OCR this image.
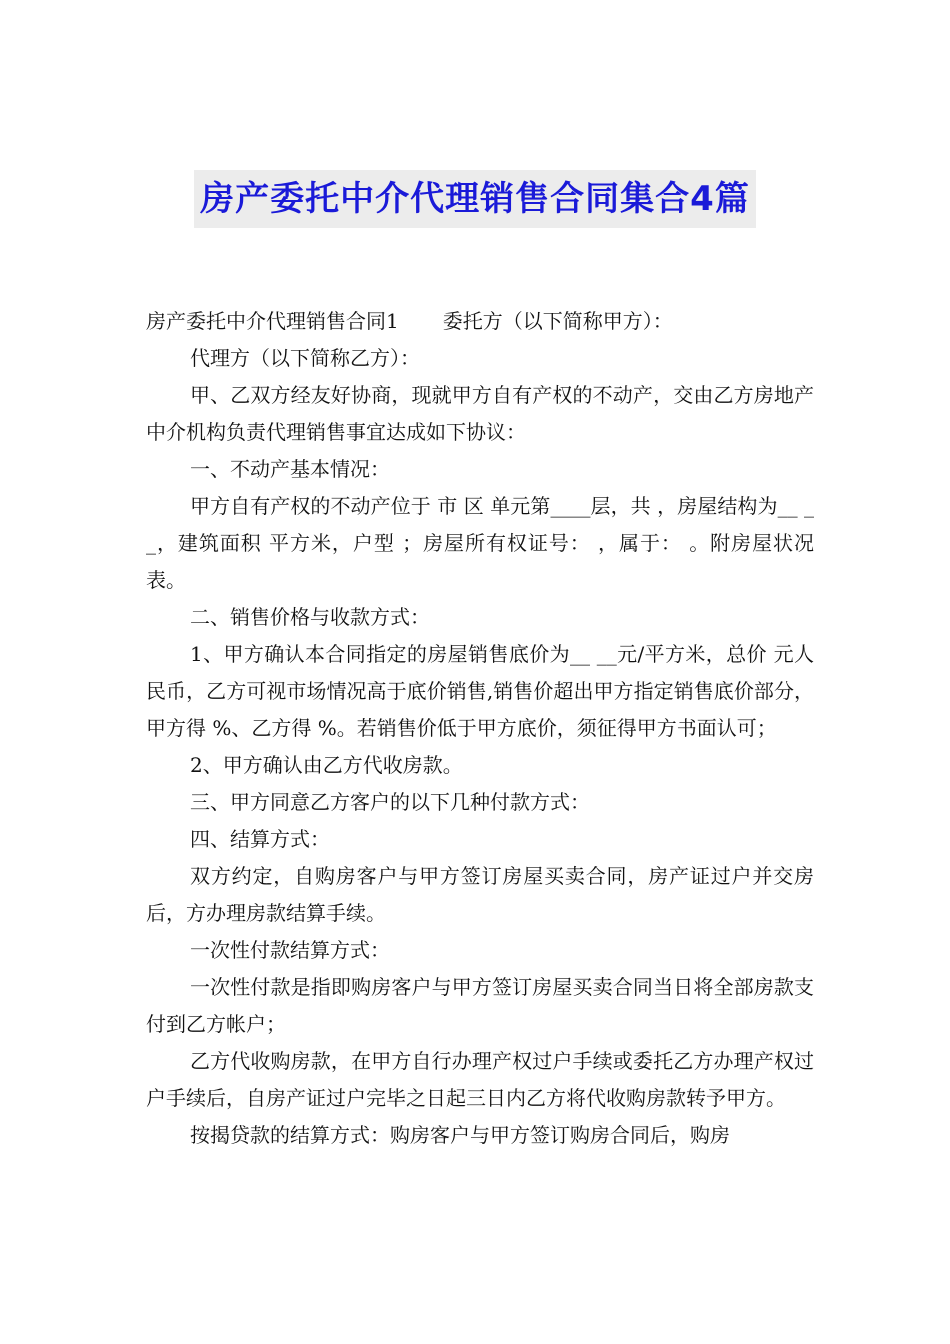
房产委托中介代理销售合同集合4篇

房产委托中介代理销售合同1 委托方（以下简称甲方）：

代理方（以下简称乙方）：

甲、乙双方经友好协商，现就甲方自有产权的不动产，交由乙方房地产中介机构负责代理销售事宜达成如下协议：

一、不动产基本情况：

甲方自有产权的不动产位于 市 区 单元第____层，共 ，房屋结构为__ __，建筑面积 平方米，户型 ；房屋所有权证号： ，属于： 。附房屋状况表。

二、销售价格与收款方式：

1、甲方确认本合同指定的房屋销售底价为__ __元/平方米，总价 元人民币，乙方可视市场情况高于底价销售,销售价超出甲方指定销售底价部分，甲方得 %、乙方得 %。若销售价低于甲方底价，须征得甲方书面认可；

2、甲方确认由乙方代收房款。

三、甲方同意乙方客户的以下几种付款方式：

四、结算方式：

双方约定，自购房客户与甲方签订房屋买卖合同，房产证过户并交房后，方办理房款结算手续。

一次性付款结算方式：

一次性付款是指即购房客户与甲方签订房屋买卖合同当日将全部房款支付到乙方帐户；

乙方代收购房款，在甲方自行办理产权过户手续或委托乙方办理产权过户手续后，自房产证过户完毕之日起三日内乙方将代收购房款转予甲方。

按揭贷款的结算方式：购房客户与甲方签订购房合同后，购房
